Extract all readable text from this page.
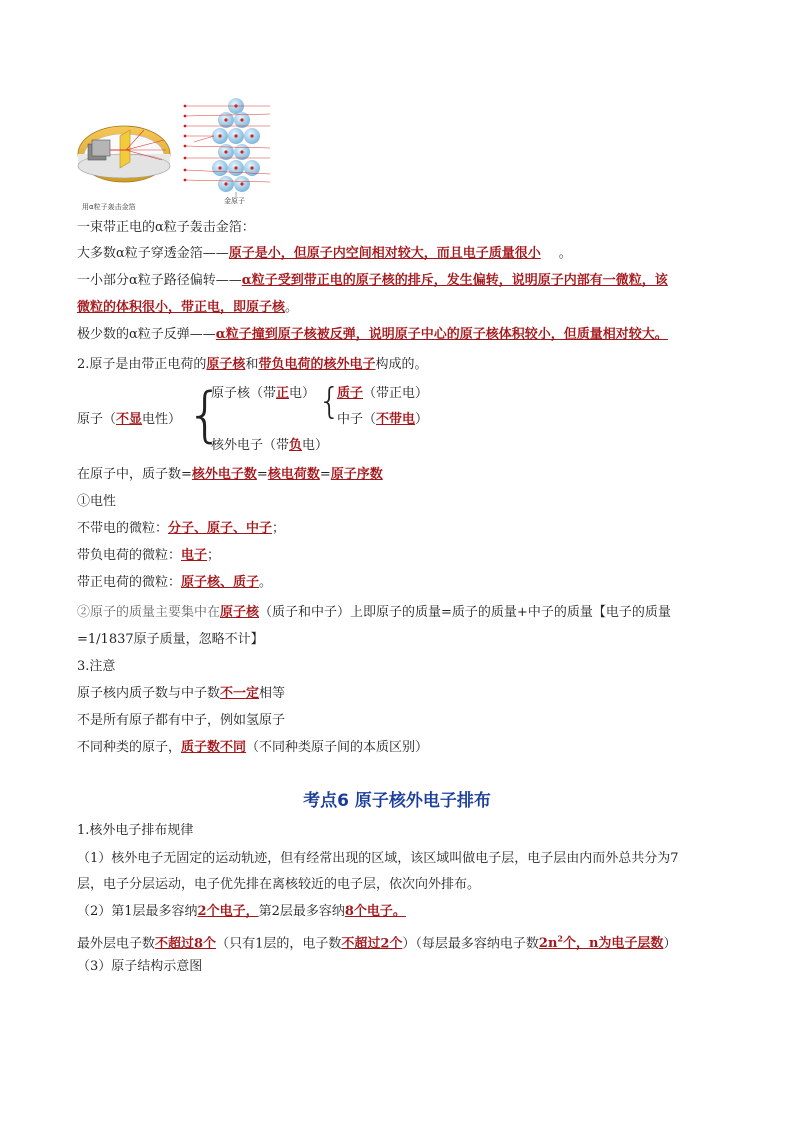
金原子
用α粒子轰击金箔
一束带正电的α粒子轰击金箔：
大多数α粒子穿透金箔——原子是小，但原子内空间相对较大，而且电子质量很小 。
一小部分α粒子路径偏转——α粒子受到带正电的原子核的排斥，发生偏转，说明原子内部有一微粒，该
微粒的体积很小，带正电，即原子核。
极少数的α粒子反弹——α粒子撞到原子核被反弹，说明原子中心的原子核体积较小，但质量相对较大。
2.原子是由带正电荷的原子核和带负电荷的核外电子构成的。
原子（不显电性） {
原子核（带正电） {
质子（带正电）
中子（不带电）
核外电子（带负电）
在原子中，质子数=核外电子数=核电荷数=原子序数
①电性
不带电的微粒：分子、原子、中子；
带负电荷的微粒：电子；
带正电荷的微粒：原子核、质子。
②原子的质量主要集中在原子核（质子和中子）上即原子的质量=质子的质量+中子的质量【电子的质量
=1/1837原子质量，忽略不计】
3.注意
原子核内质子数与中子数不一定相等
不是所有原子都有中子，例如氢原子
不同种类的原子，质子数不同（不同种类原子间的本质区别）
考点6 原子核外电子排布
1.核外电子排布规律
（1）核外电子无固定的运动轨迹，但有经常出现的区域，该区域叫做电子层，电子层由内而外总共分为7
层，电子分层运动，电子优先排在离核较近的电子层，依次向外排布。
（2）第1层最多容纳2个电子，第2层最多容纳8个电子。
最外层电子数不超过8个（只有1层的，电子数不超过2个）（每层最多容纳电子数$2n^2$个，n为电子层数）
（3）原子结构示意图
